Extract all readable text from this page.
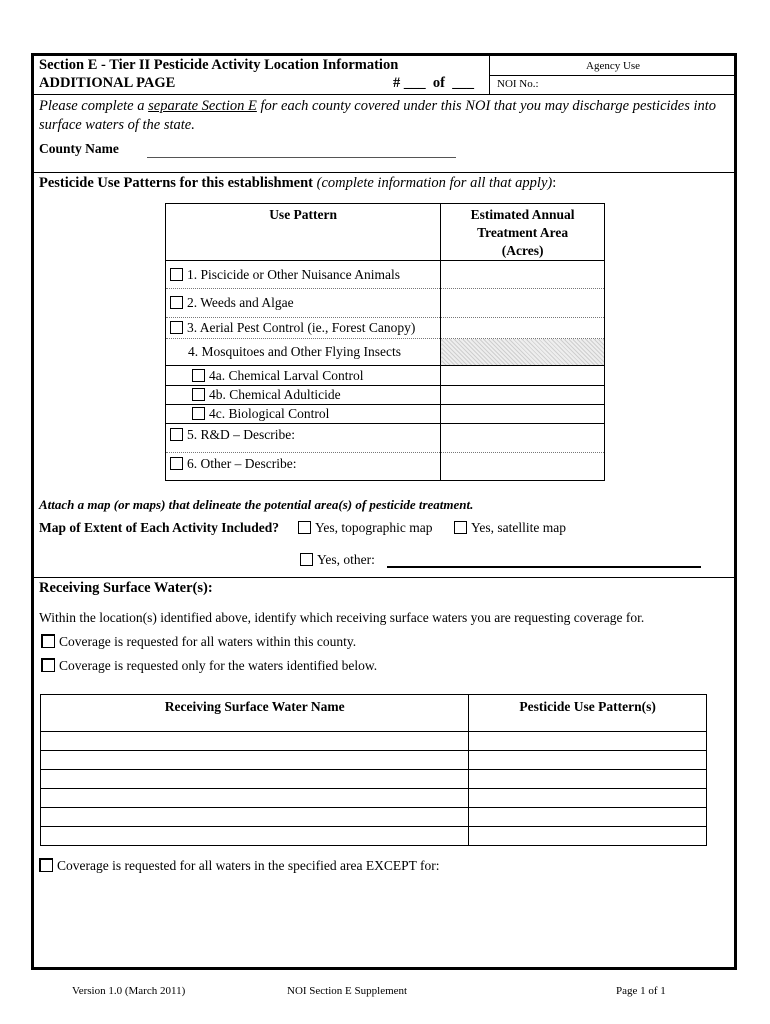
Section E - Tier II Pesticide Activity Location Information
ADDITIONAL PAGE	# ___  of  ___
Agency Use
NOI No.:
Please complete a separate Section E for each county covered under this NOI that you may discharge pesticides into surface waters of the state.
County Name
Pesticide Use Patterns for this establishment (complete information for all that apply):
Use Pattern	Estimated Annual Treatment Area (Acres)
1. Piscicide or Other Nuisance Animals	
2. Weeds and Algae	
3. Aerial Pest Control (ie., Forest Canopy)	
4. Mosquitoes and Other Flying Insects	
4a. Chemical Larval Control	
4b. Chemical Adulticide	
4c. Biological Control	
5. R&D – Describe:	
6. Other – Describe:	
Attach a map (or maps) that delineate the potential area(s) of pesticide treatment.
Map of Extent of Each Activity Included?	Yes, topographic map	Yes, satellite map
Yes, other:
Receiving Surface Water(s):
Within the location(s) identified above, identify which receiving surface waters you are requesting coverage for.
Coverage is requested for all waters within this county.
Coverage is requested only for the waters identified below.
Receiving Surface Water Name	Pesticide Use Pattern(s)

Coverage is requested for all waters in the specified area EXCEPT for:
Version 1.0 (March 2011)	NOI Section E Supplement	Page 1 of 1
